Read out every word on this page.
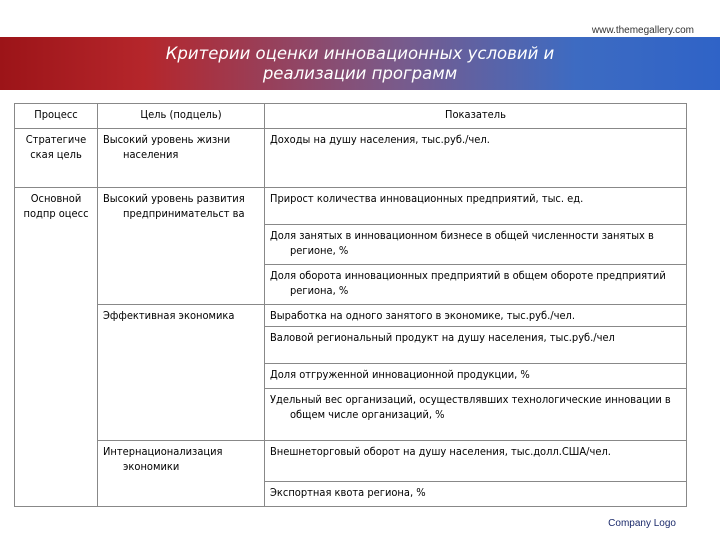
www.themegallery.com
Критерии оценки инновационных условий и
реализации программ
Процесс	Цель (подцель)	Показатель
Стратегиче ская цель	Высокий уровень жизни населения	Доходы на душу населения, тыс.руб./чел.
Основной подпр оцесс	Высокий уровень развития предпринимательст ва	Прирост количества инновационных предприятий, тыс. ед.
		Доля занятых в инновационном бизнесе в общей численности занятых в регионе, %
		Доля оборота инновационных предприятий в общем обороте предприятий региона, %
	Эффективная экономика	Выработка на одного занятого в экономике, тыс.руб./чел.
		Валовой региональный продукт на душу населения, тыс.руб./чел
		Доля отгруженной инновационной продукции, %
		Удельный вес организаций, осуществлявших технологические инновации в общем числе организаций, %
	Интернационализация экономики	Внешнеторговый оборот на душу населения, тыс.долл.США/чел.
		Экспортная квота региона, %
Company Logo
